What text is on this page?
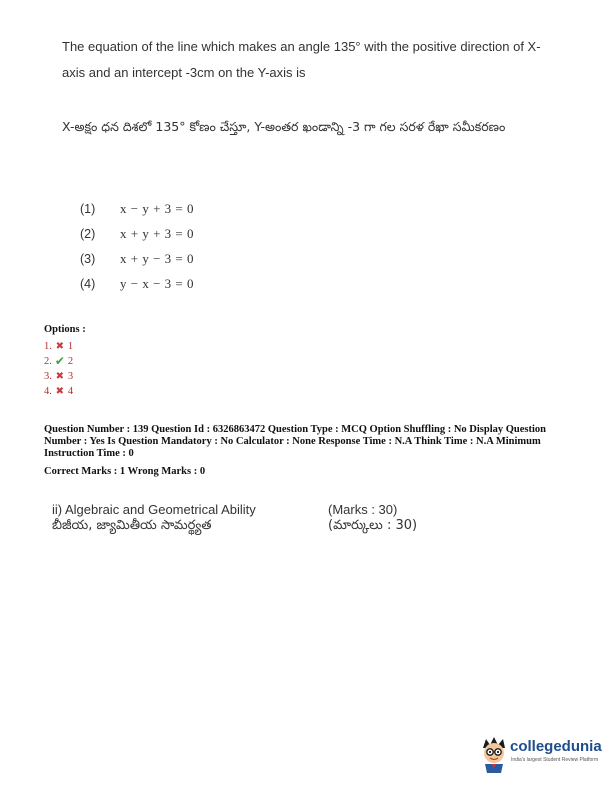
The equation of the line which makes an angle 135° with the positive direction of X-axis and an intercept -3cm on the Y-axis is
X-అక్షం ధన దిశలో 135° కోణం చేస్తూ, Y-అంతర ఖండాన్ని -3 గా గల సరళ రేఖా సమీకరణం
(1)	x − y + 3 = 0
(2)	x + y + 3 = 0
(3)	x + y − 3 = 0
(4)	y − x − 3 = 0
Options :
1. ✖ 1
2. ✔ 2
3. ✖ 3
4. ✖ 4

Question Number : 139 Question Id : 6326863472 Question Type : MCQ Option Shuffling : No Display Question Number : Yes Is Question Mandatory : No Calculator : None Response Time : N.A Think Time : N.A Minimum Instruction Time : 0

Correct Marks : 1 Wrong Marks : 0

ii) Algebraic and Geometrical Ability	(Marks : 30)
బీజీయ, జ్యామితీయ సామర్థ్యత	(మార్కులు : 30)
collegedunia
India's largest Student Review Platform
